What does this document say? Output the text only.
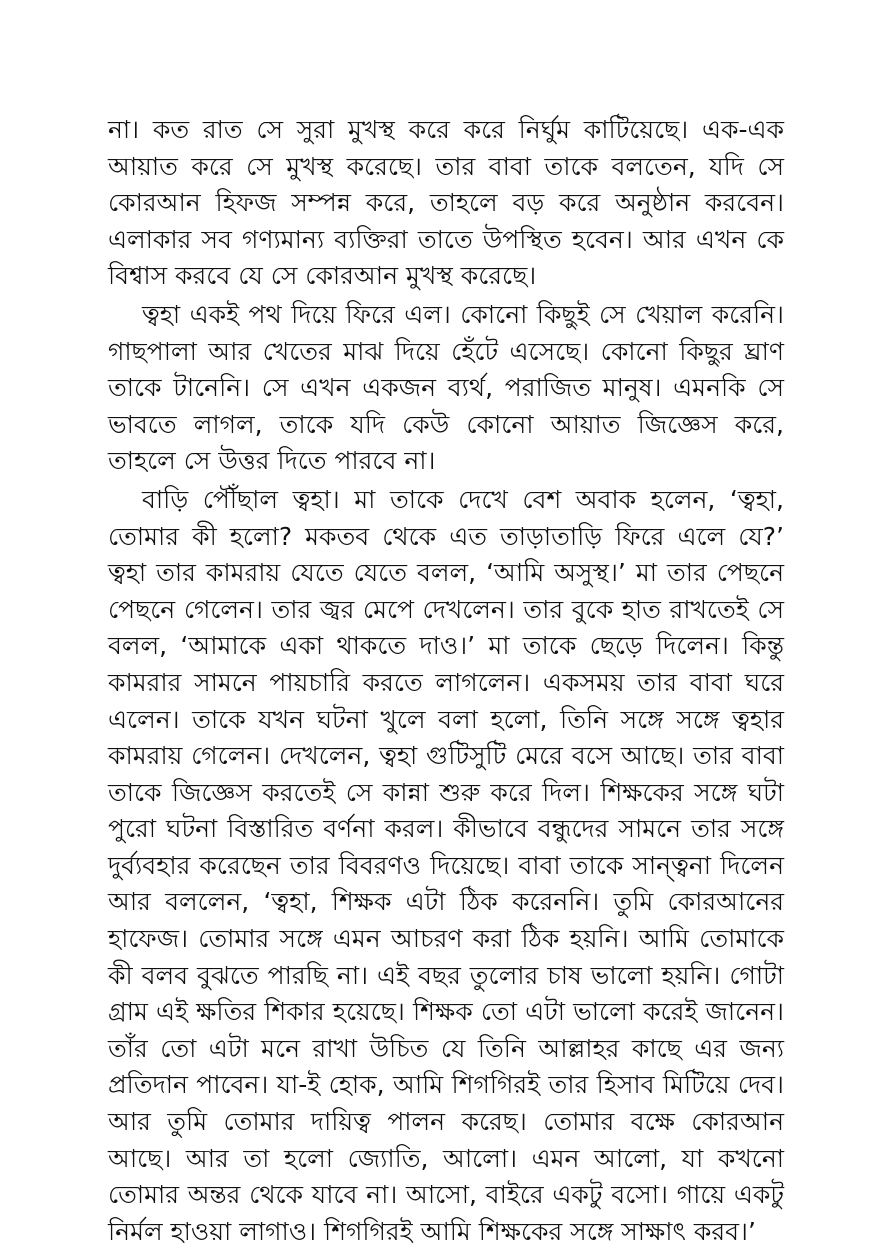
না। কত রাত সে সুরা মুখস্থ করে করে নির্ঘুম কাটিয়েছে। এক-এক আয়াত করে সে মুখস্থ করেছে। তার বাবা তাকে বলতেন, যদি সে কোরআন হিফজ সম্পন্ন করে, তাহলে বড় করে অনুষ্ঠান করবেন। এলাকার সব গণ্যমান্য ব্যক্তিরা তাতে উপস্থিত হবেন। আর এখন কে বিশ্বাস করবে যে সে কোরআন মুখস্থ করেছে।

ত্বহা একই পথ দিয়ে ফিরে এল। কোনো কিছুই সে খেয়াল করেনি। গাছপালা আর খেতের মাঝ দিয়ে হেঁটে এসেছে। কোনো কিছুর ঘ্রাণ তাকে টানেনি। সে এখন একজন ব্যর্থ, পরাজিত মানুষ। এমনকি সে ভাবতে লাগল, তাকে যদি কেউ কোনো আয়াত জিজ্ঞেস করে, তাহলে সে উত্তর দিতে পারবে না।

বাড়ি পৌঁছাল ত্বহা। মা তাকে দেখে বেশ অবাক হলেন, ‘ত্বহা, তোমার কী হলো? মকতব থেকে এত তাড়াতাড়ি ফিরে এলে যে?’ ত্বহা তার কামরায় যেতে যেতে বলল, ‘আমি অসুস্থ।’ মা তার পেছনে পেছনে গেলেন। তার জ্বর মেপে দেখলেন। তার বুকে হাত রাখতেই সে বলল, ‘আমাকে একা থাকতে দাও।’ মা তাকে ছেড়ে দিলেন। কিন্তু কামরার সামনে পায়চারি করতে লাগলেন। একসময় তার বাবা ঘরে এলেন। তাকে যখন ঘটনা খুলে বলা হলো, তিনি সঙ্গে সঙ্গে ত্বহার কামরায় গেলেন। দেখলেন, ত্বহা গুটিসুটি মেরে বসে আছে। তার বাবা তাকে জিজ্ঞেস করতেই সে কান্না শুরু করে দিল। শিক্ষকের সঙ্গে ঘটা পুরো ঘটনা বিস্তারিত বর্ণনা করল। কীভাবে বন্ধুদের সামনে তার সঙ্গে দুর্ব্যবহার করেছেন তার বিবরণও দিয়েছে। বাবা তাকে সান্ত্বনা দিলেন আর বললেন, ‘ত্বহা, শিক্ষক এটা ঠিক করেননি। তুমি কোরআনের হাফেজ। তোমার সঙ্গে এমন আচরণ করা ঠিক হয়নি। আমি তোমাকে কী বলব বুঝতে পারছি না। এই বছর তুলোর চাষ ভালো হয়নি। গোটা গ্রাম এই ক্ষতির শিকার হয়েছে। শিক্ষক তো এটা ভালো করেই জানেন। তাঁর তো এটা মনে রাখা উচিত যে তিনি আল্লাহর কাছে এর জন্য প্রতিদান পাবেন। যা-ই হোক, আমি শিগগিরই তার হিসাব মিটিয়ে দেব। আর তুমি তোমার দায়িত্ব পালন করেছ। তোমার বক্ষে কোরআন আছে। আর তা হলো জ্যোতি, আলো। এমন আলো, যা কখনো তোমার অন্তর থেকে যাবে না। আসো, বাইরে একটু বসো। গায়ে একটু নির্মল হাওয়া লাগাও। শিগগিরই আমি শিক্ষকের সঙ্গে সাক্ষাৎ করব।’
